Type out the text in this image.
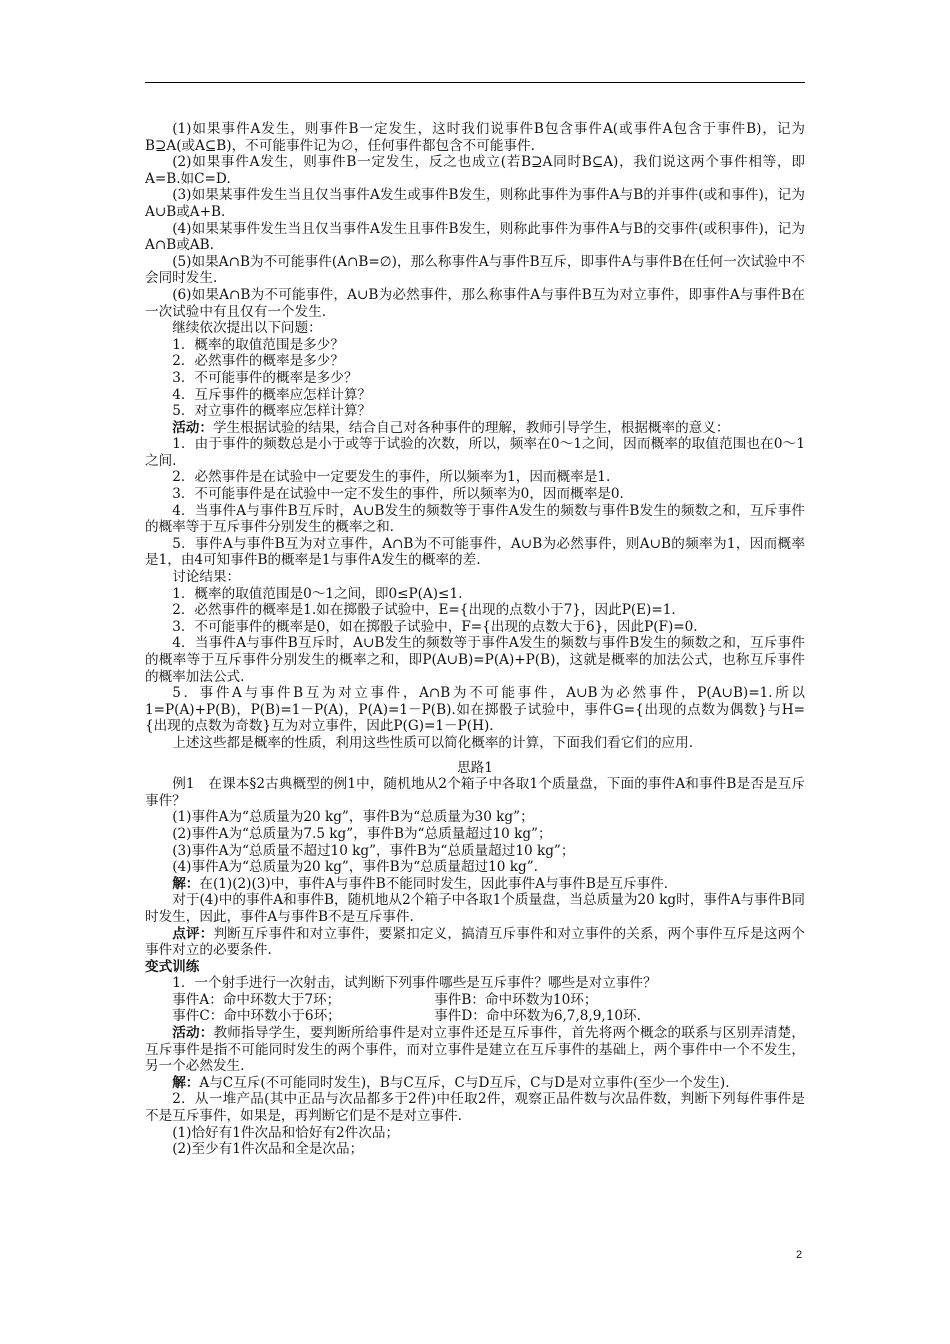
(1)如果事件A发生，则事件B一定发生，这时我们说事件B包含事件A(或事件A包含于事件B)，记为B⊇A(或A⊆B)，不可能事件记为∅，任何事件都包含不可能事件.

(2)如果事件A发生，则事件B一定发生，反之也成立(若B⊇A同时B⊆A)，我们说这两个事件相等，即A=B.如C=D.

(3)如果某事件发生当且仅当事件A发生或事件B发生，则称此事件为事件A与B的并事件(或和事件)，记为A∪B或A+B.

(4)如果某事件发生当且仅当事件A发生且事件B发生，则称此事件为事件A与B的交事件(或积事件)，记为A∩B或AB.

(5)如果A∩B为不可能事件(A∩B=∅)，那么称事件A与事件B互斥，即事件A与事件B在任何一次试验中不会同时发生.

(6)如果A∩B为不可能事件，A∪B为必然事件，那么称事件A与事件B互为对立事件，即事件A与事件B在一次试验中有且仅有一个发生.

继续依次提出以下问题：

1．概率的取值范围是多少？

2．必然事件的概率是多少？

3．不可能事件的概率是多少？

4．互斥事件的概率应怎样计算？

5．对立事件的概率应怎样计算？

活动：学生根据试验的结果，结合自己对各种事件的理解，教师引导学生，根据概率的意义：

1．由于事件的频数总是小于或等于试验的次数，所以，频率在0～1之间，因而概率的取值范围也在0～1之间.

2．必然事件是在试验中一定要发生的事件，所以频率为1，因而概率是1.

3．不可能事件是在试验中一定不发生的事件，所以频率为0，因而概率是0.

4．当事件A与事件B互斥时，A∪B发生的频数等于事件A发生的频数与事件B发生的频数之和，互斥事件的概率等于互斥事件分别发生的概率之和.

5．事件A与事件B互为对立事件，A∩B为不可能事件，A∪B为必然事件，则A∪B的频率为1，因而概率是1，由4可知事件B的概率是1与事件A发生的概率的差.

讨论结果：

1．概率的取值范围是0～1之间，即0≤P(A)≤1.

2．必然事件的概率是1.如在掷骰子试验中，E={出现的点数小于7}，因此P(E)=1.

3．不可能事件的概率是0，如在掷骰子试验中，F={出现的点数大于6}，因此P(F)=0.

4．当事件A与事件B互斥时，A∪B发生的频数等于事件A发生的频数与事件B发生的频数之和，互斥事件的概率等于互斥事件分别发生的概率之和，即P(A∪B)=P(A)+P(B)，这就是概率的加法公式，也称互斥事件的概率加法公式.

5．事件A与事件B互为对立事件，A∩B为不可能事件，A∪B为必然事件，P(A∪B)=1.所以1=P(A)+P(B)，P(B)=1－P(A)，P(A)=1－P(B).如在掷骰子试验中，事件G={出现的点数为偶数}与H={出现的点数为奇数}互为对立事件，因此P(G)=1－P(H).

上述这些都是概率的性质，利用这些性质可以简化概率的计算，下面我们看它们的应用.

思路1

例1　在课本§2古典概型的例1中，随机地从2个箱子中各取1个质量盘，下面的事件A和事件B是否是互斥事件？

(1)事件A为“总质量为20 kg”，事件B为“总质量为30 kg”；

(2)事件A为“总质量为7.5 kg”，事件B为“总质量超过10 kg”；

(3)事件A为“总质量不超过10 kg”，事件B为“总质量超过10 kg”；

(4)事件A为“总质量为20 kg”，事件B为“总质量超过10 kg”.

解：在(1)(2)(3)中，事件A与事件B不能同时发生，因此事件A与事件B是互斥事件.

对于(4)中的事件A和事件B，随机地从2个箱子中各取1个质量盘，当总质量为20 kg时，事件A与事件B同时发生，因此，事件A与事件B不是互斥事件.

点评：判断互斥事件和对立事件，要紧扣定义，搞清互斥事件和对立事件的关系，两个事件互斥是这两个事件对立的必要条件.

变式训练

1．一个射手进行一次射击，试判断下列事件哪些是互斥事件？哪些是对立事件？

事件A：命中环数大于7环；	事件B：命中环数为10环；

事件C：命中环数小于6环；	事件D：命中环数为6,7,8,9,10环.

活动：教师指导学生，要判断所给事件是对立事件还是互斥事件，首先将两个概念的联系与区别弄清楚，互斥事件是指不可能同时发生的两个事件，而对立事件是建立在互斥事件的基础上，两个事件中一个不发生，另一个必然发生.

解：A与C互斥(不可能同时发生)，B与C互斥，C与D互斥，C与D是对立事件(至少一个发生).

2．从一堆产品(其中正品与次品都多于2件)中任取2件，观察正品件数与次品件数，判断下列每件事件是不是互斥事件，如果是，再判断它们是不是对立事件.

(1)恰好有1件次品和恰好有2件次品；

(2)至少有1件次品和全是次品；

2
